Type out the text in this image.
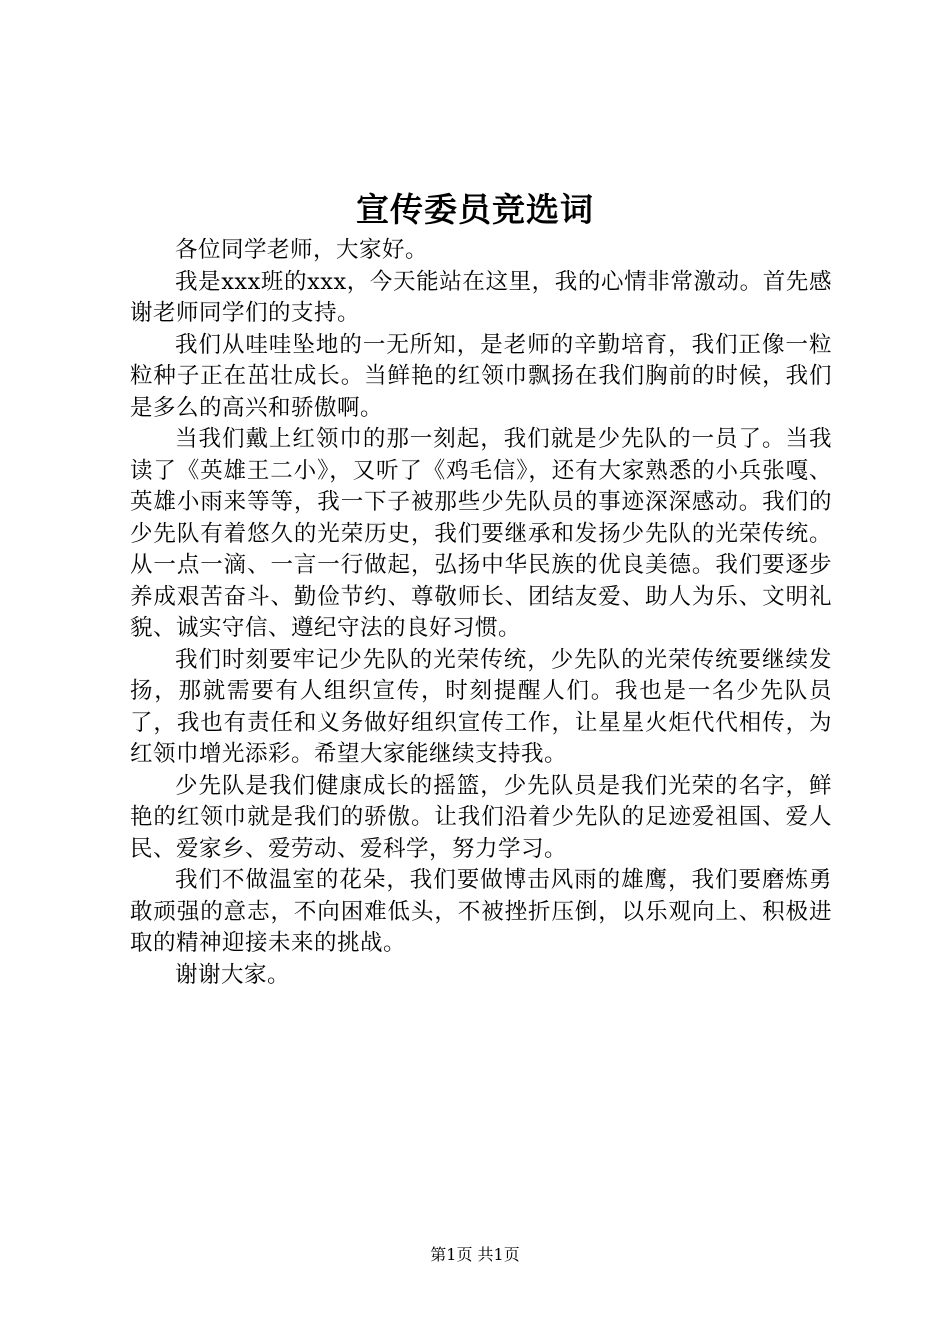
宣传委员竞选词

各位同学老师，大家好。

我是xxx班的xxx，今天能站在这里，我的心情非常激动。首先感谢老师同学们的支持。

我们从哇哇坠地的一无所知，是老师的辛勤培育，我们正像一粒粒种子正在茁壮成长。当鲜艳的红领巾飘扬在我们胸前的时候，我们是多么的高兴和骄傲啊。

当我们戴上红领巾的那一刻起，我们就是少先队的一员了。当我读了《英雄王二小》，又听了《鸡毛信》，还有大家熟悉的小兵张嘎、英雄小雨来等等，我一下子被那些少先队员的事迹深深感动。我们的少先队有着悠久的光荣历史，我们要继承和发扬少先队的光荣传统。从一点一滴、一言一行做起，弘扬中华民族的优良美德。我们要逐步养成艰苦奋斗、勤俭节约、尊敬师长、团结友爱、助人为乐、文明礼貌、诚实守信、遵纪守法的良好习惯。

我们时刻要牢记少先队的光荣传统，少先队的光荣传统要继续发扬，那就需要有人组织宣传，时刻提醒人们。我也是一名少先队员了，我也有责任和义务做好组织宣传工作，让星星火炬代代相传，为红领巾增光添彩。希望大家能继续支持我。

少先队是我们健康成长的摇篮，少先队员是我们光荣的名字，鲜艳的红领巾就是我们的骄傲。让我们沿着少先队的足迹爱祖国、爱人民、爱家乡、爱劳动、爱科学，努力学习。

我们不做温室的花朵，我们要做博击风雨的雄鹰，我们要磨炼勇敢顽强的意志，不向困难低头，不被挫折压倒，以乐观向上、积极进取的精神迎接未来的挑战。

谢谢大家。

第1页 共1页
